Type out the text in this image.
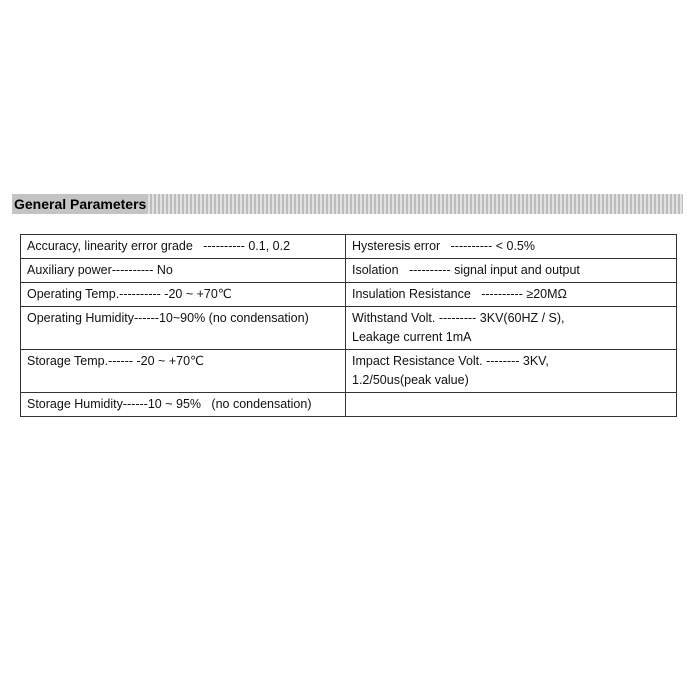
General Parameters
Accuracy, linearity error grade   ---------- 0.1, 0.2	Hysteresis error   ---------- < 0.5%

Auxiliary power---------- No	Isolation   ---------- signal input and output

Operating Temp.---------- -20 ~ +70℃	Insulation Resistance   ---------- ≥20MΩ

Operating Humidity------10~90% (no condensation)	Withstand Volt. --------- 3KV(60HZ / S),
Leakage current 1mA

Storage Temp.------ -20 ~ +70℃	Impact Resistance Volt. -------- 3KV,
1.2/50us(peak value)

Storage Humidity------10 ~ 95%   (no condensation)	
